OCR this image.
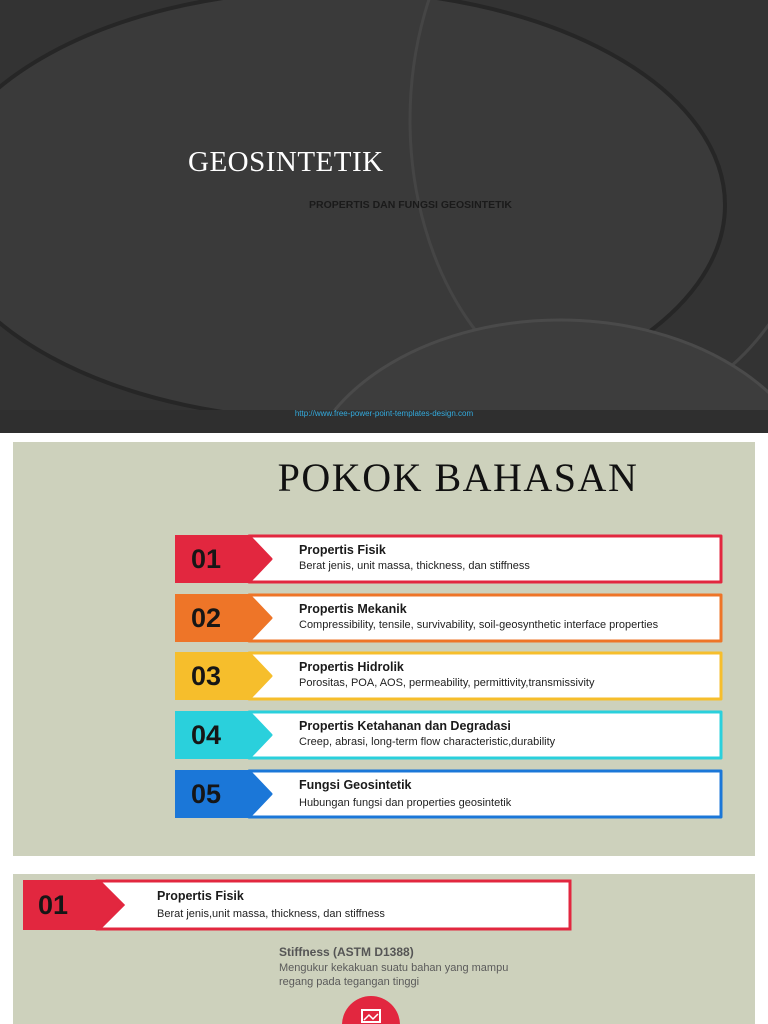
GEOSINTETIK
PROPERTIS DAN FUNGSI GEOSINTETIK
http://www.free-power-point-templates-design.com
POKOK BAHASAN
01	Propertis Fisik
Berat jenis, unit massa, thickness, dan stiffness
02	Propertis Mekanik
Compressibility, tensile, survivability, soil-geosynthetic interface properties
03	Propertis Hidrolik
Porositas, POA, AOS, permeability, permittivity,transmissivity
04	Propertis Ketahanan dan Degradasi
Creep, abrasi, long-term flow characteristic,durability
05	Fungsi Geosintetik
Hubungan fungsi dan properties geosintetik
01	Propertis Fisik
Berat jenis,unit massa, thickness, dan stiffness
Stiffness (ASTM D1388)
Mengukur kekakuan suatu bahan yang mampu regang pada tegangan tinggi
